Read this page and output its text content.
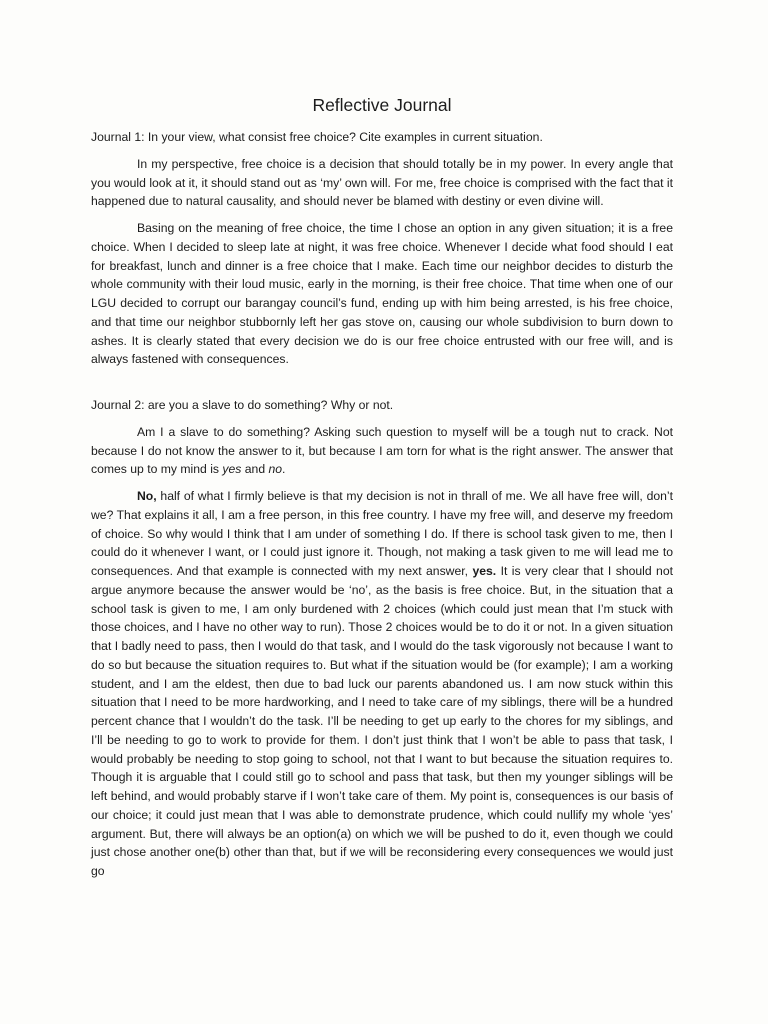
Reflective Journal

Journal 1: In your view, what consist free choice? Cite examples in current situation.

In my perspective, free choice is a decision that should totally be in my power. In every angle that you would look at it, it should stand out as ‘my’ own will. For me, free choice is comprised with the fact that it happened due to natural causality, and should never be blamed with destiny or even divine will.

Basing on the meaning of free choice, the time I chose an option in any given situation; it is a free choice. When I decided to sleep late at night, it was free choice. Whenever I decide what food should I eat for breakfast, lunch and dinner is a free choice that I make. Each time our neighbor decides to disturb the whole community with their loud music, early in the morning, is their free choice. That time when one of our LGU decided to corrupt our barangay council’s fund, ending up with him being arrested, is his free choice, and that time our neighbor stubbornly left her gas stove on, causing our whole subdivision to burn down to ashes. It is clearly stated that every decision we do is our free choice entrusted with our free will, and is always fastened with consequences.

Journal 2: are you a slave to do something? Why or not.

Am I a slave to do something? Asking such question to myself will be a tough nut to crack. Not because I do not know the answer to it, but because I am torn for what is the right answer. The answer that comes up to my mind is yes and no.

No, half of what I firmly believe is that my decision is not in thrall of me. We all have free will, don’t we? That explains it all, I am a free person, in this free country. I have my free will, and deserve my freedom of choice. So why would I think that I am under of something I do. If there is school task given to me, then I could do it whenever I want, or I could just ignore it. Though, not making a task given to me will lead me to consequences. And that example is connected with my next answer, yes. It is very clear that I should not argue anymore because the answer would be ‘no’, as the basis is free choice. But, in the situation that a school task is given to me, I am only burdened with 2 choices (which could just mean that I’m stuck with those choices, and I have no other way to run). Those 2 choices would be to do it or not. In a given situation that I badly need to pass, then I would do that task, and I would do the task vigorously not because I want to do so but because the situation requires to. But what if the situation would be (for example); I am a working student, and I am the eldest, then due to bad luck our parents abandoned us. I am now stuck within this situation that I need to be more hardworking, and I need to take care of my siblings, there will be a hundred percent chance that I wouldn’t do the task. I’ll be needing to get up early to the chores for my siblings, and I’ll be needing to go to work to provide for them. I don’t just think that I won’t be able to pass that task, I would probably be needing to stop going to school, not that I want to but because the situation requires to. Though it is arguable that I could still go to school and pass that task, but then my younger siblings will be left behind, and would probably starve if I won’t take care of them. My point is, consequences is our basis of our choice; it could just mean that I was able to demonstrate prudence, which could nullify my whole ‘yes’ argument. But, there will always be an option(a) on which we will be pushed to do it, even though we could just chose another one(b) other than that, but if we will be reconsidering every consequences we would just go
